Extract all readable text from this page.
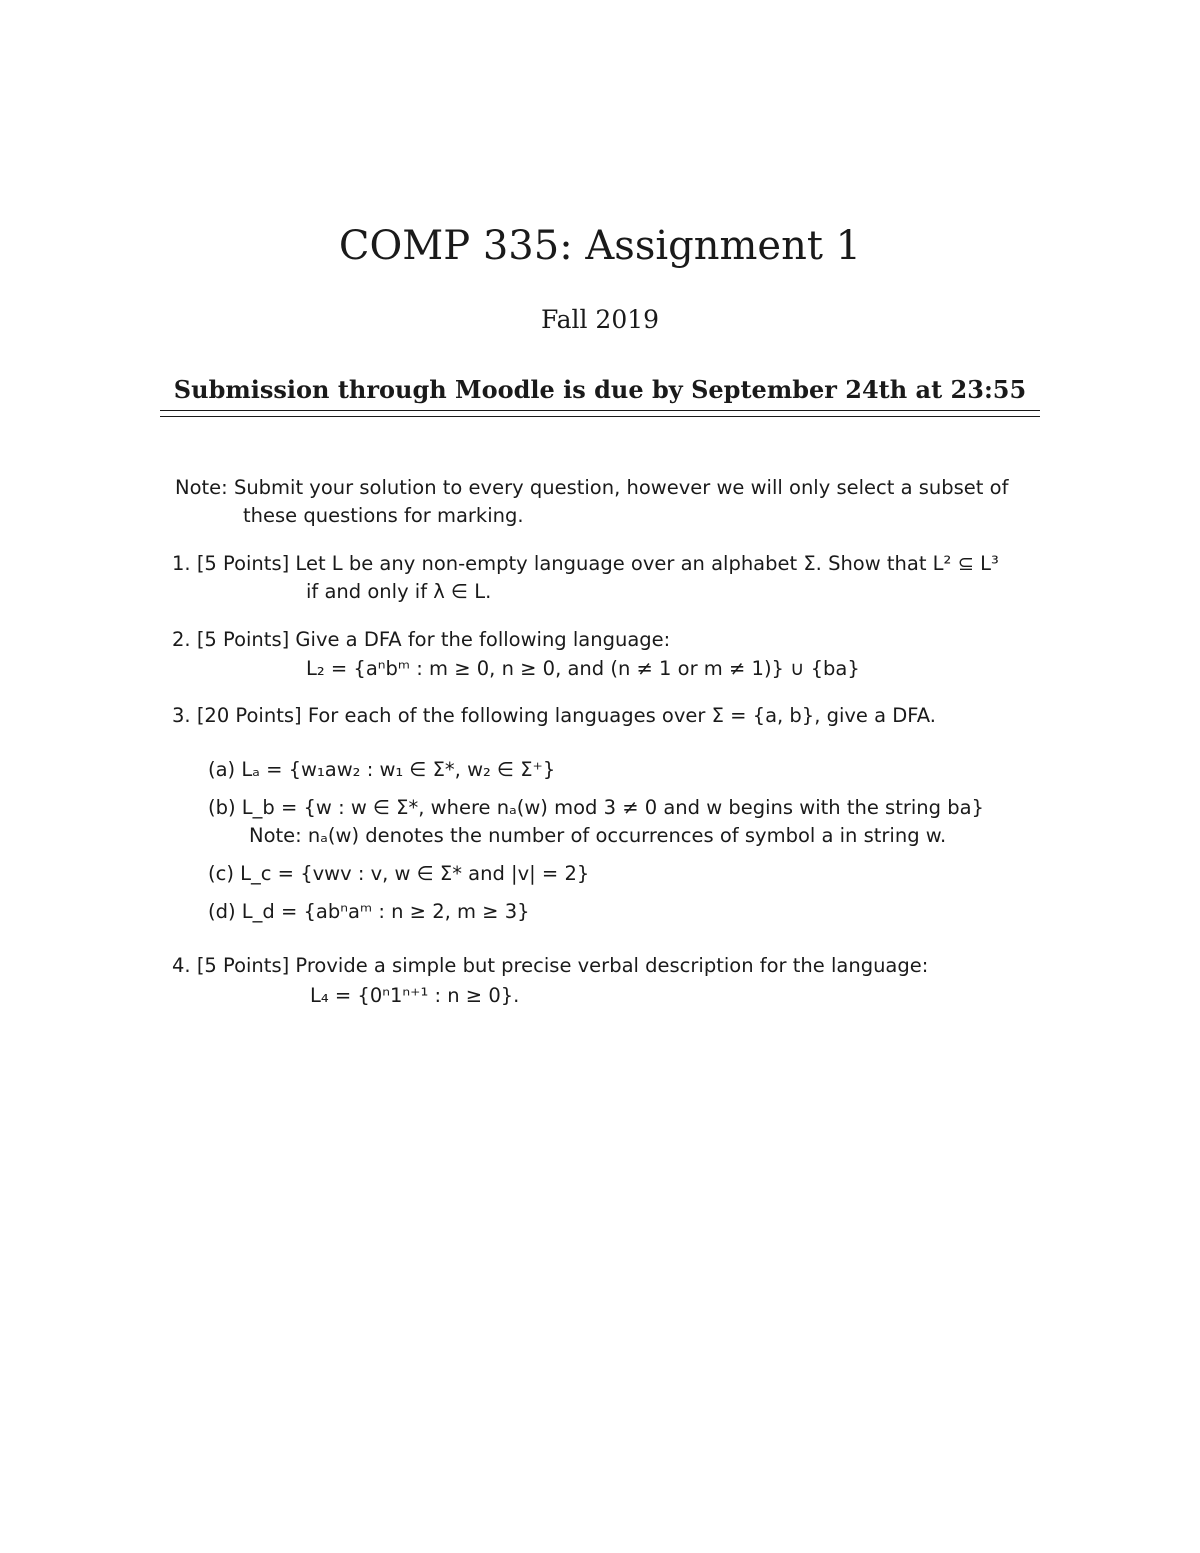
COMP 335: Assignment 1
Fall 2019
Submission through Moodle is due by September 24th at 23:55
Note: Submit your solution to every question, however we will only select a subset of
these questions for marking.
1. [5 Points] Let L be any non-empty language over an alphabet Σ. Show that L² ⊆ L³
if and only if λ ∈ L.
2. [5 Points] Give a DFA for the following language:
L₂ = {aⁿbᵐ : m ≥ 0, n ≥ 0, and (n ≠ 1 or m ≠ 1)} ∪ {ba}
3. [20 Points] For each of the following languages over Σ = {a, b}, give a DFA.
(a) Lₐ = {w₁aw₂ : w₁ ∈ Σ*, w₂ ∈ Σ⁺}
(b) L_b = {w : w ∈ Σ*, where nₐ(w) mod 3 ≠ 0 and w begins with the string ba}
Note: nₐ(w) denotes the number of occurrences of symbol a in string w.
(c) L_c = {vwv : v, w ∈ Σ* and |v| = 2}
(d) L_d = {abⁿaᵐ : n ≥ 2, m ≥ 3}
4. [5 Points] Provide a simple but precise verbal description for the language:
L₄ = {0ⁿ1ⁿ⁺¹ : n ≥ 0}.
